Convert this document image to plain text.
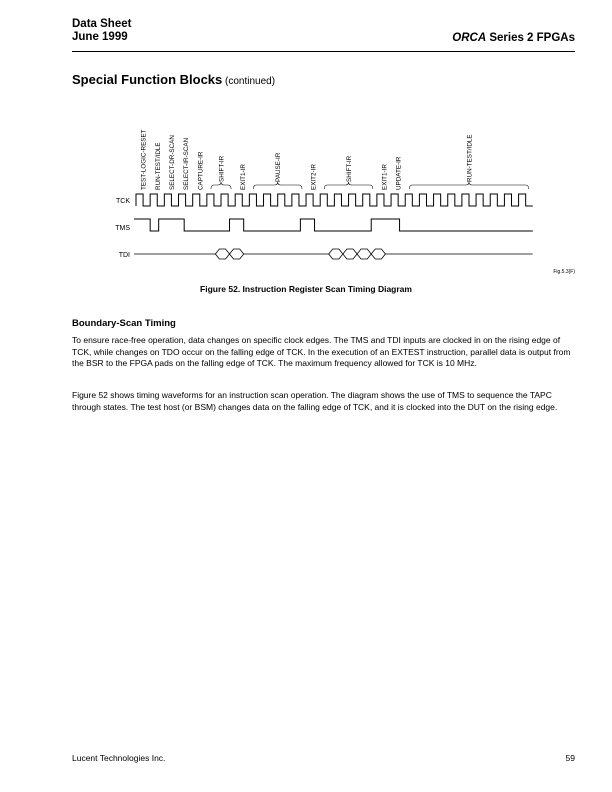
Data Sheet
June 1999	ORCA Series 2 FPGAs
Special Function Blocks (continued)
TEST-LOGIC-RESET RUN-TEST/IDLE SELECT-DR-SCAN SELECT-IR-SCAN CAPTURE-IR SHIFT-IR EXIT1-IR	PAUSE-IR	EXIT2-IR	SHIFT-IR	EXIT1-IR UPDATE-IR	RUN-TEST/IDLE
TCK
TMS
TDI
Fig.5.3(F)
Figure 52. Instruction Register Scan Timing Diagram
Boundary-Scan Timing

To ensure race-free operation, data changes on specific clock edges. The TMS and TDI inputs are clocked in on the rising edge of TCK, while changes on TDO occur on the falling edge of TCK. In the execution of an EXTEST instruction, parallel data is output from the BSR to the FPGA pads on the falling edge of TCK. The maximum frequency allowed for TCK is 10 MHz.

Figure 52 shows timing waveforms for an instruction scan operation. The diagram shows the use of TMS to sequence the TAPC through states. The test host (or BSM) changes data on the falling edge of TCK, and it is clocked into the DUT on the rising edge.

Lucent Technologies Inc.	59
